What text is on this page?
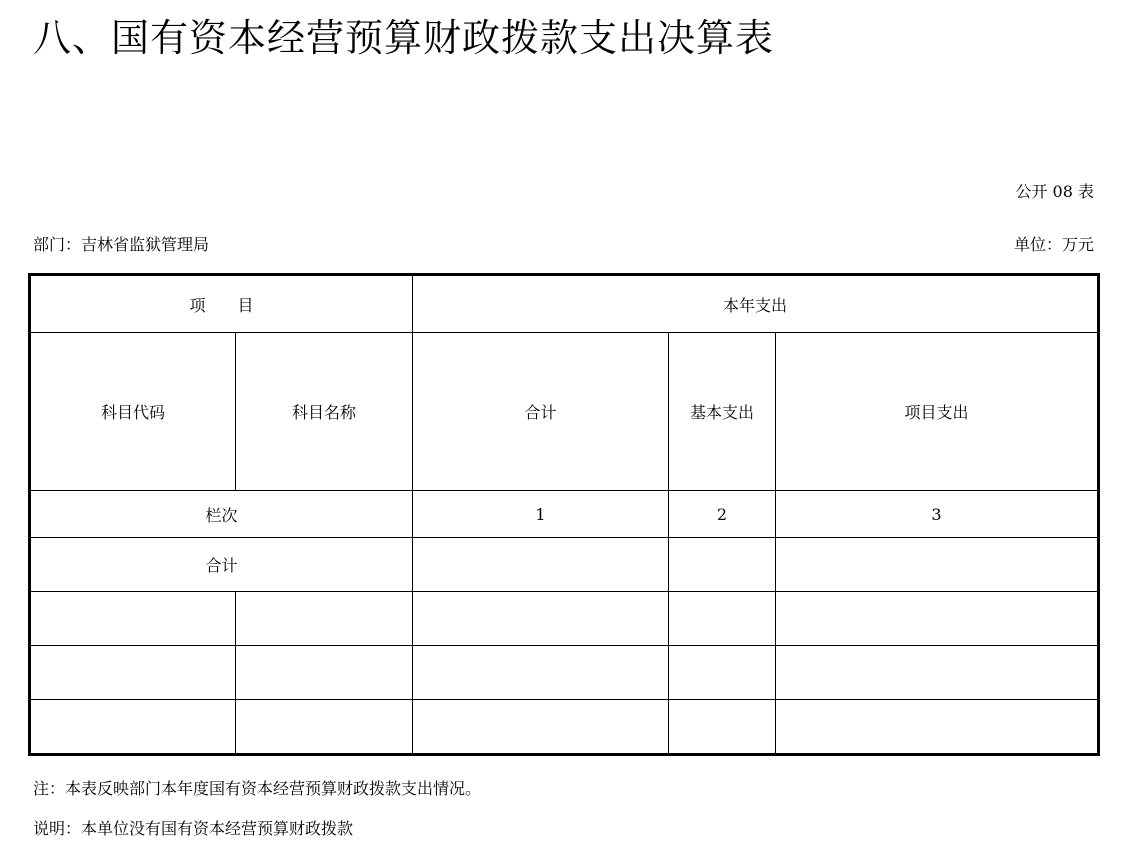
八、国有资本经营预算财政拨款支出决算表
公开 08 表
部门：吉林省监狱管理局	单位：万元
项　　目		本年支出		
科目代码	科目名称	合计	基本支出	项目支出
栏次		1	2	3
合计				

注：本表反映部门本年度国有资本经营预算财政拨款支出情况。
说明：本单位没有国有资本经营预算财政拨款
